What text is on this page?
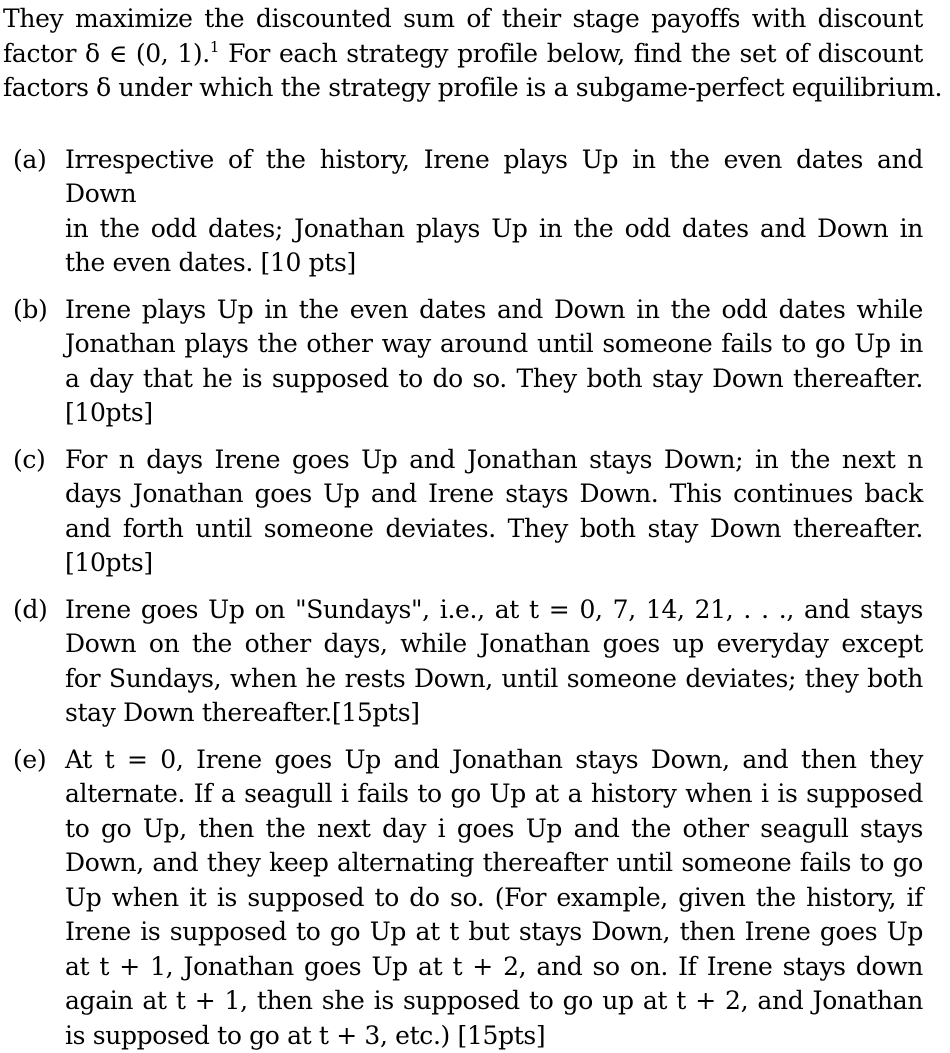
They maximize the discounted sum of their stage payoffs with discount
factor δ ∈ (0, 1).$^1$ For each strategy profile below, find the set of discount
factors δ under which the strategy profile is a subgame-perfect equilibrium.
(a) Irrespective of the history, Irene plays Up in the even dates and Down
in the odd dates; Jonathan plays Up in the odd dates and Down in
the even dates. [10 pts]
(b) Irene plays Up in the even dates and Down in the odd dates while
Jonathan plays the other way around until someone fails to go Up in
a day that he is supposed to do so. They both stay Down thereafter.
[10pts]
(c) For n days Irene goes Up and Jonathan stays Down; in the next n
days Jonathan goes Up and Irene stays Down. This continues back
and forth until someone deviates. They both stay Down thereafter.
[10pts]
(d) Irene goes Up on "Sundays", i.e., at t = 0, 7, 14, 21, . . ., and stays
Down on the other days, while Jonathan goes up everyday except
for Sundays, when he rests Down, until someone deviates; they both
stay Down thereafter.[15pts]
(e) At t = 0, Irene goes Up and Jonathan stays Down, and then they
alternate. If a seagull i fails to go Up at a history when i is supposed
to go Up, then the next day i goes Up and the other seagull stays
Down, and they keep alternating thereafter until someone fails to go
Up when it is supposed to do so. (For example, given the history, if
Irene is supposed to go Up at t but stays Down, then Irene goes Up
at t + 1, Jonathan goes Up at t + 2, and so on. If Irene stays down
again at t + 1, then she is supposed to go up at t + 2, and Jonathan
is supposed to go at t + 3, etc.) [15pts]
